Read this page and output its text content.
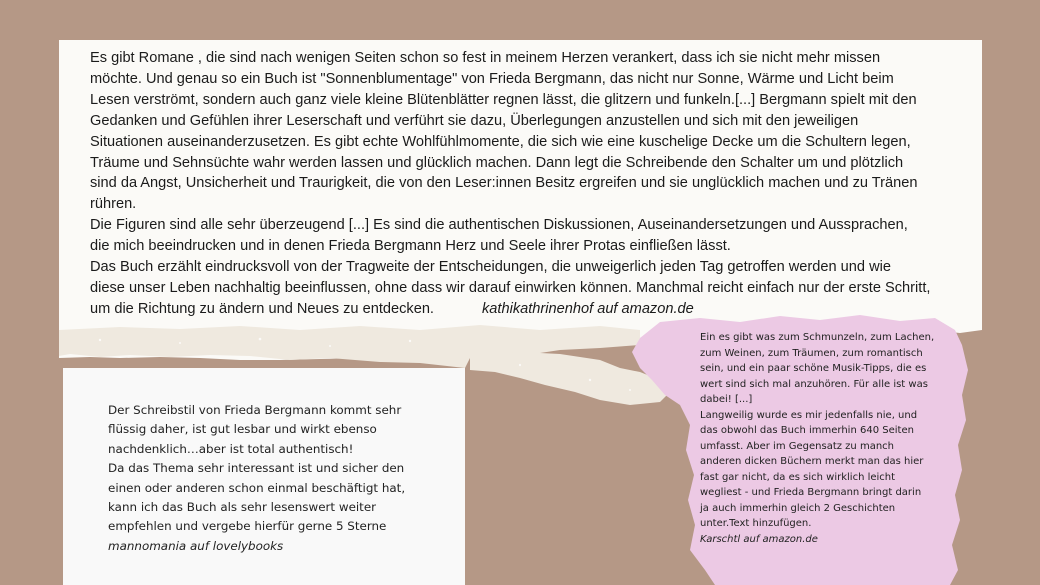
Es gibt Romane , die sind nach wenigen Seiten schon so fest in meinem Herzen verankert, dass ich sie nicht mehr missen

möchte. Und genau so ein Buch ist "Sonnenblumentage" von Frieda Bergmann, das nicht nur Sonne, Wärme und Licht beim

Lesen verströmt, sondern auch ganz viele kleine Blütenblätter regnen lässt, die glitzern und funkeln.[...] Bergmann spielt mit den

Gedanken und Gefühlen ihrer Leserschaft und verführt sie dazu, Überlegungen anzustellen und sich mit den jeweiligen

Situationen auseinanderzusetzen. Es gibt echte Wohlfühlmomente, die sich wie eine kuschelige Decke um die Schultern legen,

Träume und Sehnsüchte wahr werden lassen und glücklich machen. Dann legt die Schreibende den Schalter um und plötzlich

sind da Angst, Unsicherheit und Traurigkeit, die von den Leser:innen Besitz ergreifen und sie unglücklich machen und zu Tränen

rühren.

Die Figuren sind alle sehr überzeugend [...] Es sind die authentischen Diskussionen, Auseinandersetzungen und Aussprachen,

die mich beeindrucken und in denen Frieda Bergmann Herz und Seele ihrer Protas einfließen lässt.

Das Buch erzählt eindrucksvoll von der Tragweite der Entscheidungen, die unweigerlich jeden Tag getroffen werden und wie

diese unser Leben nachhaltig beeinflussen, ohne dass wir darauf einwirken können. Manchmal reicht einfach nur der erste Schritt,

um die Richtung zu ändern und Neues zu entdecken.	kathikathrinenhof auf amazon.de

Der Schreibstil von Frieda Bergmann kommt sehr

flüssig daher, ist gut lesbar und wirkt ebenso

nachdenklich…aber ist total authentisch!

Da das Thema sehr interessant ist und sicher den

einen oder anderen schon einmal beschäftigt hat,

kann ich das Buch als sehr lesenswert weiter

empfehlen und vergebe hierfür gerne 5 Sterne

mannomania auf lovelybooks

Ein es gibt was zum Schmunzeln, zum Lachen,

zum Weinen, zum Träumen, zum romantisch

sein, und ein paar schöne Musik-Tipps, die es

wert sind sich mal anzuhören. Für alle ist was

dabei! [...]

Langweilig wurde es mir jedenfalls nie, und

das obwohl das Buch immerhin 640 Seiten

umfasst. Aber im Gegensatz zu manch

anderen dicken Büchern merkt man das hier

fast gar nicht, da es sich wirklich leicht

wegliest - und Frieda Bergmann bringt darin

ja auch immerhin gleich 2 Geschichten

unter.Text hinzufügen.

Karschtl auf amazon.de
